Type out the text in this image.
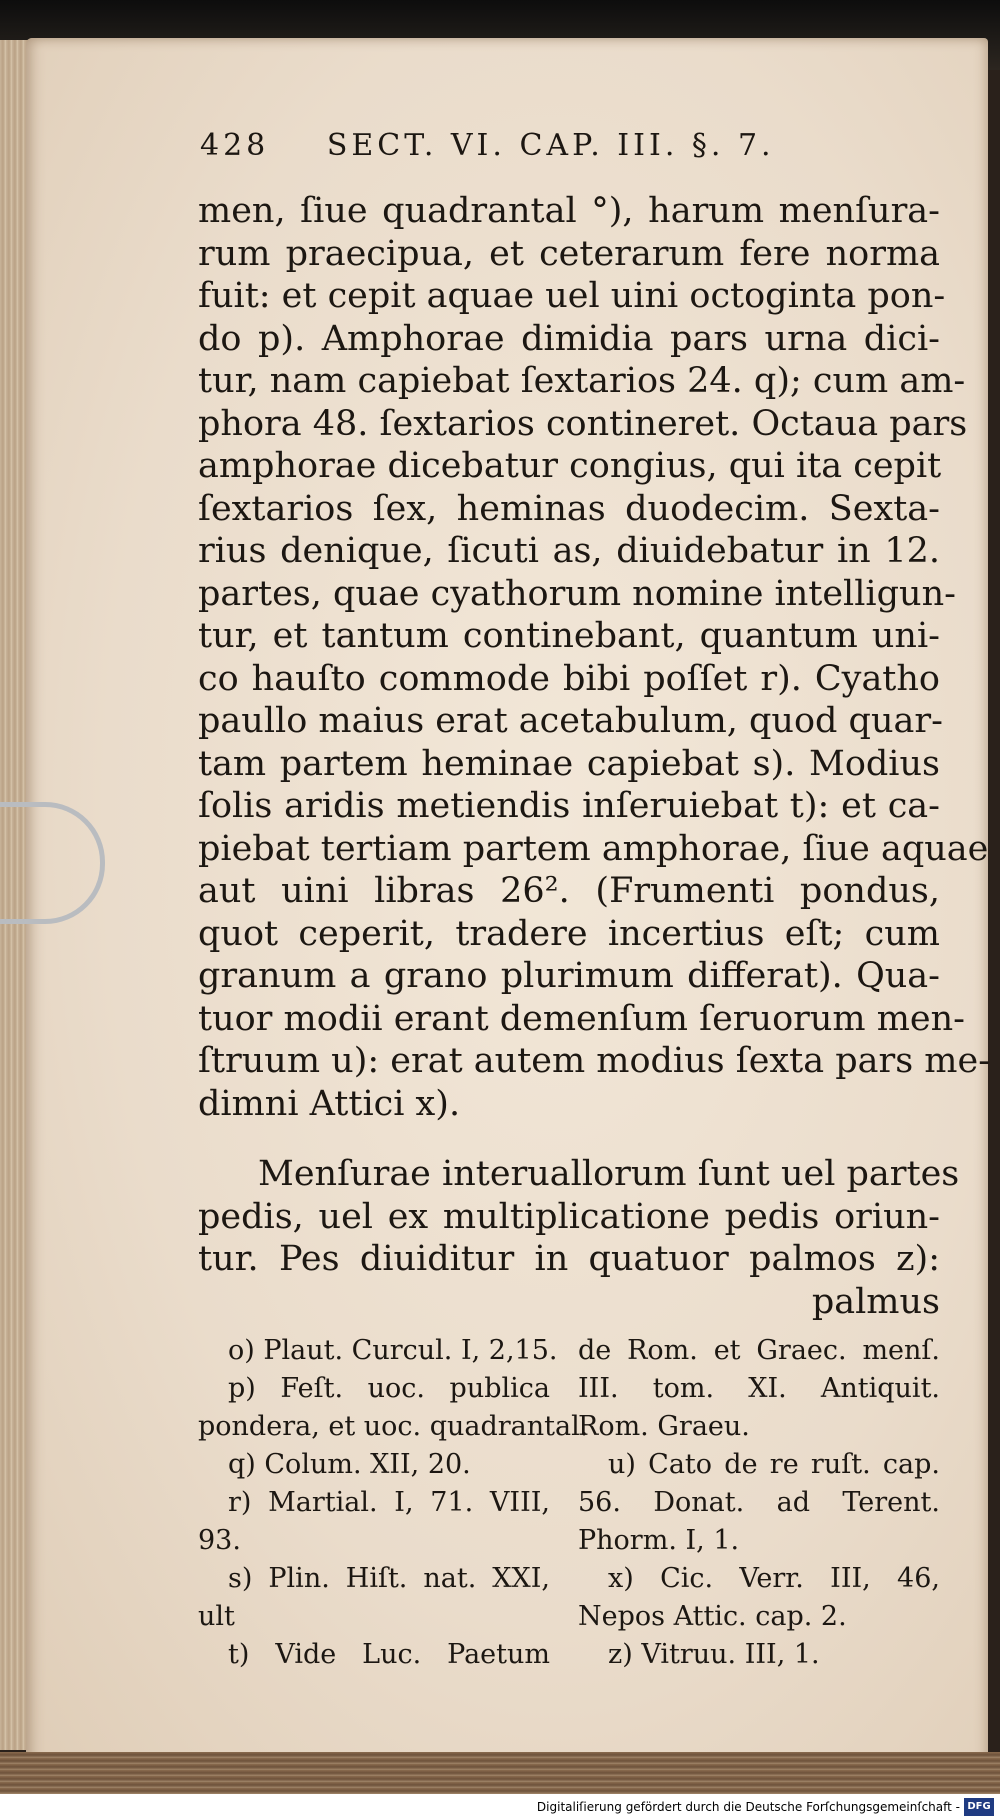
428 SECT. VI. CAP. III. §. 7.
men, ſiue quadrantal °), harum menſura-
rum praecipua, et ceterarum fere norma
fuit: et cepit aquae uel uini octoginta pon-
do p). Amphorae dimidia pars urna dici-
tur, nam capiebat ſextarios 24. q); cum am-
phora 48. ſextarios contineret. Octaua pars
amphorae dicebatur congius, qui ita cepit
ſextarios ſex, heminas duodecim. Sexta-
rius denique, ſicuti as, diuidebatur in 12.
partes, quae cyathorum nomine intelligun-
tur, et tantum continebant, quantum uni-
co hauſto commode bibi poſſet r). Cyatho
paullo maius erat acetabulum, quod quar-
tam partem heminae capiebat s). Modius
ſolis aridis metiendis inſeruiebat t): et ca-
piebat tertiam partem amphorae, ſiue aquae
aut uini libras 26². (Frumenti pondus,
quot ceperit, tradere incertius eſt; cum
granum a grano plurimum differat). Qua-
tuor modii erant demenſum ſeruorum men-
ſtruum u): erat autem modius ſexta pars me-
dimni Attici x).
Menſurae interuallorum ſunt uel partes
pedis, uel ex multiplicatione pedis oriun-
tur. Pes diuiditur in quatuor palmos z):
palmus
o) Plaut. Curcul. I, 2,15.
p) Feſt. uoc. publica
pondera, et uoc. quadrantal.
q) Colum. XII, 20.
r) Martial. I, 71. VIII,
93.
s) Plin. Hiſt. nat. XXI,
ult
t) Vide Luc. Paetum
de Rom. et Graec. menſ.
III. tom. XI. Antiquit.
Rom. Graeu.
u) Cato de re ruſt. cap.
56. Donat. ad Terent.
Phorm. I, 1.
x) Cic. Verr. III, 46,
Nepos Attic. cap. 2.
z) Vitruu. III, 1.
Digitaliſierung gefördert durch die Deutsche Forſchungsgemeinſchaft - DFG
